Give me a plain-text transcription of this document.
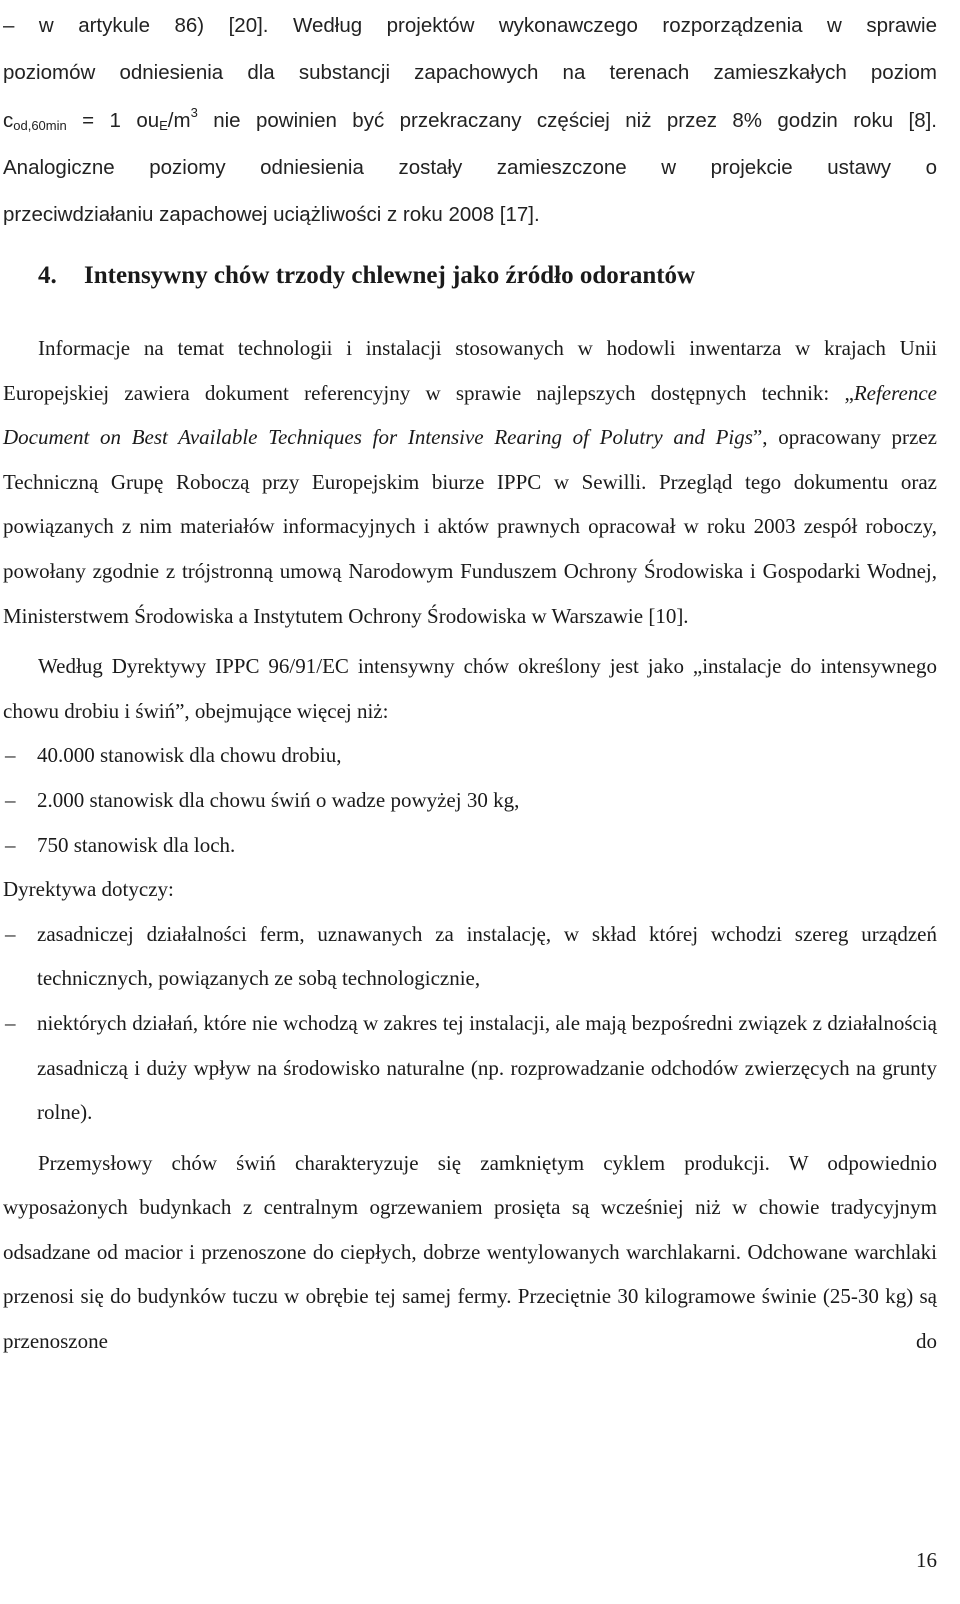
– w artykule 86) [20]. Według projektów wykonawczego rozporządzenia w sprawie

poziomów odniesienia dla substancji zapachowych na terenach zamieszkałych poziom

$c_{od,60min} = 1$ $ou_E/m^3$ nie powinien być przekraczany częściej niż przez 8% godzin roku [8].

Analogiczne poziomy odniesienia zostały zamieszczone w projekcie ustawy o

przeciwdziałaniu zapachowej uciążliwości z roku 2008 [17].

4. Intensywny chów trzody chlewnej jako źródło odorantów

Informacje na temat technologii i instalacji stosowanych w hodowli inwentarza w krajach Unii Europejskiej zawiera dokument referencyjny w sprawie najlepszych dostępnych technik: „Reference Document on Best Available Techniques for Intensive Rearing of Polutry and Pigs”, opracowany przez Techniczną Grupę Roboczą przy Europejskim biurze IPPC w Sewilli. Przegląd tego dokumentu oraz powiązanych z nim materiałów informacyjnych i aktów prawnych opracował w roku 2003 zespół roboczy, powołany zgodnie z trójstronną umową Narodowym Funduszem Ochrony Środowiska i Gospodarki Wodnej, Ministerstwem Środowiska a Instytutem Ochrony Środowiska w Warszawie [10].

Według Dyrektywy IPPC 96/91/EC intensywny chów określony jest jako „instalacje do intensywnego chowu drobiu i świń”, obejmujące więcej niż:

– 40.000 stanowisk dla chowu drobiu,

– 2.000 stanowisk dla chowu świń o wadze powyżej 30 kg,

– 750 stanowisk dla loch.

Dyrektywa dotyczy:

– zasadniczej działalności ferm, uznawanych za instalację, w skład której wchodzi szereg urządzeń technicznych, powiązanych ze sobą technologicznie,

– niektórych działań, które nie wchodzą w zakres tej instalacji, ale mają bezpośredni związek z działalnością zasadniczą i duży wpływ na środowisko naturalne (np. rozprowadzanie odchodów zwierzęcych na grunty rolne).

Przemysłowy chów świń charakteryzuje się zamkniętym cyklem produkcji. W odpowiednio wyposażonych budynkach z centralnym ogrzewaniem prosięta są wcześniej niż w chowie tradycyjnym odsadzane od macior i przenoszone do ciepłych, dobrze wentylowanych warchlakarni. Odchowane warchlaki przenosi się do budynków tuczu w obrębie tej samej fermy. Przeciętnie 30 kilogramowe świnie (25-30 kg) są przenoszone do

16
